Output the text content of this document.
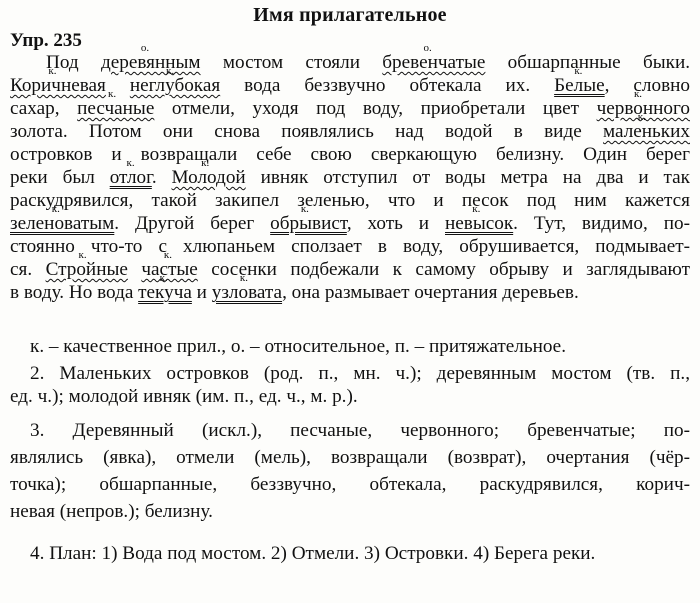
Имя прилагательное
Упр. 235
Под о. деревянным мостом стояли о. бревенчатые обшарпанные быки.
к. Коричневая к. неглубокая вода беззвучно обтекала их. к. Белые, словно
сахар, к. песчаные отмели, уходя под воду, приобретали цвет к. червонного
золота. Потом они снова появлялись над водой в виде к. маленьких
островков и возвращали себе свою сверкающую белизну. Один берег
реки был к. отлог. к. Молодой ивняк отступил от воды метра на два и так
раскудрявился, такой закипел зеленью, что и песок под ним кажется
к. зеленоватым. Другой берег к. обрывист, хоть и к. невысок. Тут, видимо, по-
стоянно что-то с хлюпаньем сползает в воду, обрушивается, подмывает-
ся. к. Стройные к. частые сосенки подбежали к самому обрыву и заглядывают
в воду. Но вода к. текуча и к. узловата, она размывает очертания деревьев.
к. – качественное прил., о. – относительное, п. – притяжательное.
2. Маленьких островков (род. п., мн. ч.); деревянным мостом (тв. п.,
ед. ч.); молодой ивняк (им. п., ед. ч., м. р.).
3. Деревянный (искл.), песчаные, червонного; бревенчатые; по-
являлись (явка), отмели (мель), возвращали (возврат), очертания (чёр-
точка); обшарпанные, беззвучно, обтекала, раскудрявился, корич-
невая (непров.); белизну.
4. План: 1) Вода под мостом. 2) Отмели. 3) Островки. 4) Берега реки.
